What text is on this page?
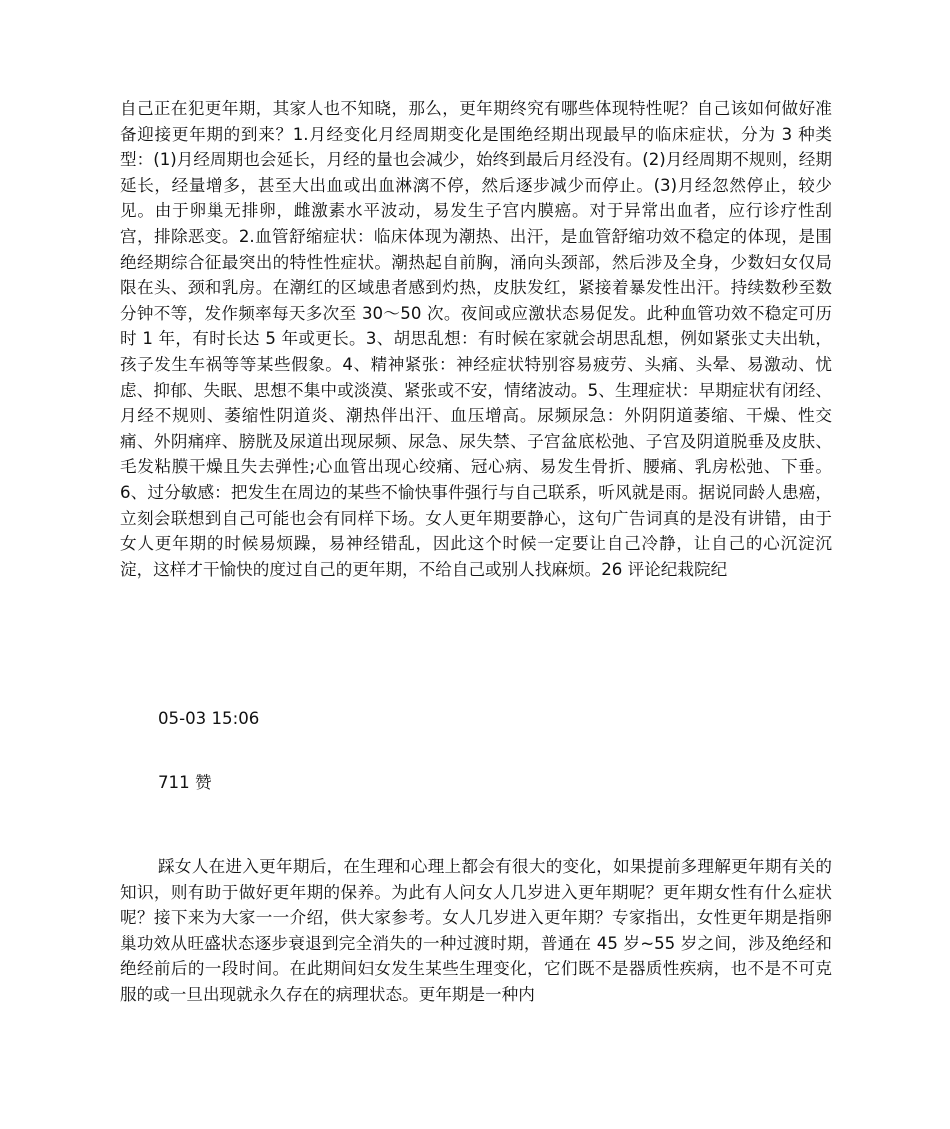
自己正在犯更年期，其家人也不知晓，那么，更年期终究有哪些体现特性呢？自己该如何做好准备迎接更年期的到来？1.月经变化月经周期变化是围绝经期出现最早的临床症状，分为 3 种类型：(1)月经周期也会延长，月经的量也会减少，始终到最后月经没有。(2)月经周期不规则，经期延长，经量增多，甚至大出血或出血淋漓不停，然后逐步减少而停止。(3)月经忽然停止，较少见。由于卵巢无排卵，雌激素水平波动，易发生子宫内膜癌。对于异常出血者，应行诊疗性刮宫，排除恶变。2.血管舒缩症状：临床体现为潮热、出汗，是血管舒缩功效不稳定的体现，是围绝经期综合征最突出的特性性症状。潮热起自前胸，涌向头颈部，然后涉及全身，少数妇女仅局限在头、颈和乳房。在潮红的区域患者感到灼热，皮肤发红，紧接着暴发性出汗。持续数秒至数分钟不等，发作频率每天多次至 30～50 次。夜间或应激状态易促发。此种血管功效不稳定可历时 1 年，有时长达 5 年或更长。3、胡思乱想：有时候在家就会胡思乱想，例如紧张丈夫出轨，孩子发生车祸等等某些假象。4、精神紧张：神经症状特别容易疲劳、头痛、头晕、易激动、忧虑、抑郁、失眠、思想不集中或淡漠、紧张或不安，情绪波动。5、生理症状：早期症状有闭经、月经不规则、萎缩性阴道炎、潮热伴出汗、血压增高。尿频尿急：外阴阴道萎缩、干燥、性交痛、外阴痛痒、膀胱及尿道出现尿频、尿急、尿失禁、子宫盆底松弛、子宫及阴道脱垂及皮肤、毛发粘膜干燥且失去弹性;心血管出现心绞痛、冠心病、易发生骨折、腰痛、乳房松弛、下垂。6、过分敏感：把发生在周边的某些不愉快事件强行与自己联系，听风就是雨。据说同龄人患癌，立刻会联想到自己可能也会有同样下场。女人更年期要静心，这句广告词真的是没有讲错，由于女人更年期的时候易烦躁，易神经错乱，因此这个时候一定要让自己冷静，让自己的心沉淀沉淀，这样才干愉快的度过自己的更年期，不给自己或别人找麻烦。26 评论纪栽院纪

05-03 15:06

711 赞

踩女人在进入更年期后，在生理和心理上都会有很大的变化，如果提前多理解更年期有关的知识，则有助于做好更年期的保养。为此有人问女人几岁进入更年期呢？更年期女性有什么症状呢？接下来为大家一一介绍，供大家参考。女人几岁进入更年期？专家指出，女性更年期是指卵巢功效从旺盛状态逐步衰退到完全消失的一种过渡时期，普通在 45 岁~55 岁之间，涉及绝经和绝经前后的一段时间。在此期间妇女发生某些生理变化，它们既不是器质性疾病，也不是不可克服的或一旦出现就永久存在的病理状态。更年期是一种内
